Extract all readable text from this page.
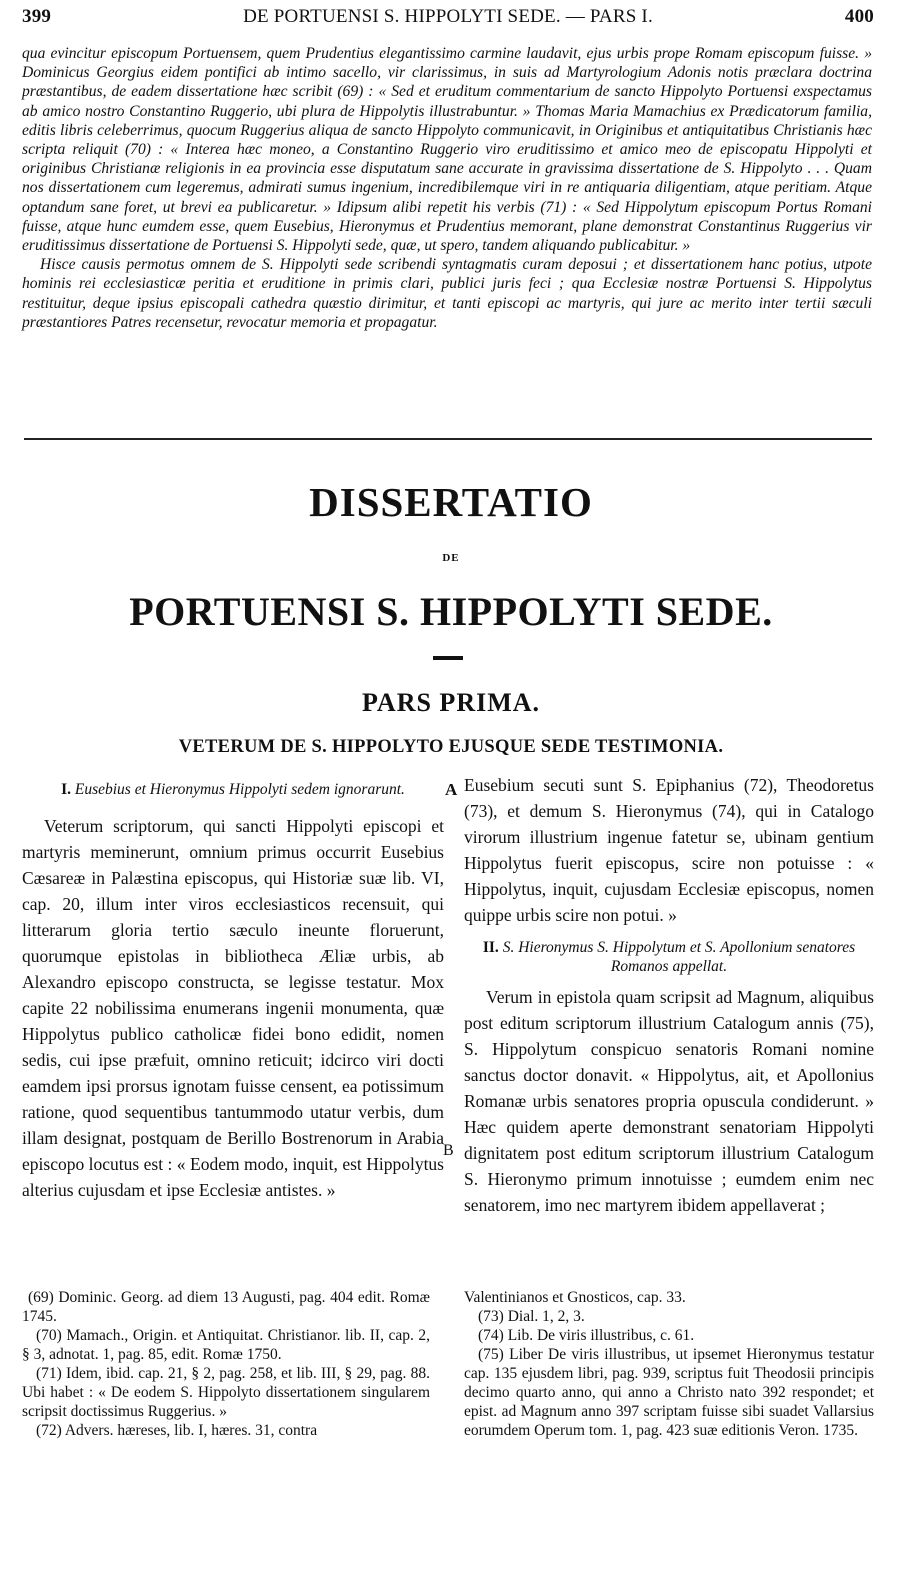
399	DE PORTUENSI S. HIPPOLYTI SEDE. — PARS I.	400

qua evincitur episcopum Portuensem, quem Prudentius elegantissimo carmine laudavit, ejus urbis prope Romam episcopum fuisse. » Dominicus Georgius eidem pontifici ab intimo sacello, vir clarissimus, in suis ad Martyrologium Adonis notis præclara doctrina præstantibus, de eadem dissertatione hæc scribit (69) : « Sed et eruditum commentarium de sancto Hippolyto Portuensi exspectamus ab amico nostro Constantino Ruggerio, ubi plura de Hippolytis illustrabuntur. » Thomas Maria Mamachius ex Prædicatorum familia, editis libris celeberrimus, quocum Ruggerius aliqua de sancto Hippolyto communicavit, in Originibus et antiquitatibus Christianis hæc scripta reliquit (70) : « Interea hæc moneo, a Constantino Ruggerio viro eruditissimo et amico meo de episcopatu Hippolyti et originibus Christianæ religionis in ea provincia esse disputatum sane accurate in gravissima dissertatione de S. Hippolyto . . . Quam nos dissertationem cum legeremus, admirati sumus ingenium, incredibilemque viri in re antiquaria diligentiam, atque peritiam. Atque optandum sane foret, ut brevi ea publicaretur. » Idipsum alibi repetit his verbis (71) : « Sed Hippolytum episcopum Portus Romani fuisse, atque hunc eumdem esse, quem Eusebius, Hieronymus et Prudentius memorant, plane demonstrat Constantinus Ruggerius vir eruditissimus dissertatione de Portuensi S. Hippolyti sede, quæ, ut spero, tandem aliquando publicabitur. »

Hisce causis permotus omnem de S. Hippolyti sede scribendi syntagmatis curam deposui ; et dissertationem hanc potius, utpote hominis rei ecclesiasticæ peritia et eruditione in primis clari, publici juris feci ; qua Ecclesiæ nostræ Portuensi S. Hippolytus restituitur, deque ipsius episcopali cathedra quæstio dirimitur, et tanti episcopi ac martyris, qui jure ac merito inter tertii sæculi præstantiores Patres recensetur, revocatur memoria et propagatur.

DISSERTATIO
DE
PORTUENSI S. HIPPOLYTI SEDE.
PARS PRIMA.
VETERUM DE S. HIPPOLYTO EJUSQUE SEDE TESTIMONIA.

I. Eusebius et Hieronymus Hippolyti sedem ignorarunt.

Veterum scriptorum, qui sancti Hippolyti episcopi et martyris meminerunt, omnium primus occurrit Eusebius Cæsareæ in Palæstina episcopus, qui Historiæ suæ lib. VI, cap. 20, illum inter viros ecclesiasticos recensuit, qui litterarum gloria tertio sæculo ineunte floruerunt, quorumque epistolas in bibliotheca Æliæ urbis, ab Alexandro episcopo constructa, se legisse testatur. Mox capite 22 nobilissima enumerans ingenii monumenta, quæ Hippolytus publico catholicæ fidei bono edidit, nomen sedis, cui ipse præfuit, omnino reticuit; idcirco viri docti eamdem ipsi prorsus ignotam fuisse censent, ea potissimum ratione, quod sequentibus tantummodo utatur verbis, dum illam designat, postquam de Berillo Bostrenorum in Arabia episcopo locutus est : « Eodem modo, inquit, est Hippolytus alterius cujusdam et ipse Ecclesiæ antistes. »

A
B

Eusebium secuti sunt S. Epiphanius (72), Theodoretus (73), et demum S. Hieronymus (74), qui in Catalogo virorum illustrium ingenue fatetur se, ubinam gentium Hippolytus fuerit episcopus, scire non potuisse : « Hippolytus, inquit, cujusdam Ecclesiæ episcopus, nomen quippe urbis scire non potui. »

II. S. Hieronymus S. Hippolytum et S. Apollonium senatores Romanos appellat.

Verum in epistola quam scripsit ad Magnum, aliquibus post editum scriptorum illustrium Catalogum annis (75), S. Hippolytum conspicuo senatoris Romani nomine sanctus doctor donavit. « Hippolytus, ait, et Apollonius Romanæ urbis senatores propria opuscula condiderunt. » Hæc quidem aperte demonstrant senatoriam Hippolyti dignitatem post editum scriptorum illustrium Catalogum S. Hieronymo primum innotuisse ; eumdem enim nec senatorem, imo nec martyrem ibidem appellaverat ;

(69) Dominic. Georg. ad diem 13 Augusti, pag. 404 edit. Romæ 1745.

(70) Mamach., Origin. et Antiquitat. Christianor. lib. II, cap. 2, § 3, adnotat. 1, pag. 85, edit. Romæ 1750.

(71) Idem, ibid. cap. 21, § 2, pag. 258, et lib. III, § 29, pag. 88. Ubi habet : « De eodem S. Hippolyto dissertationem singularem scripsit doctissimus Ruggerius. »

(72) Advers. hæreses, lib. I, hæres. 31, contra

Valentinianos et Gnosticos, cap. 33.

(73) Dial. 1, 2, 3.

(74) Lib. De viris illustribus, c. 61.

(75) Liber De viris illustribus, ut ipsemet Hieronymus testatur cap. 135 ejusdem libri, pag. 939, scriptus fuit Theodosii principis decimo quarto anno, qui anno a Christo nato 392 respondet; et epist. ad Magnum anno 397 scriptam fuisse sibi suadet Vallarsius eorumdem Operum tom. 1, pag. 423 suæ editionis Veron. 1735.
